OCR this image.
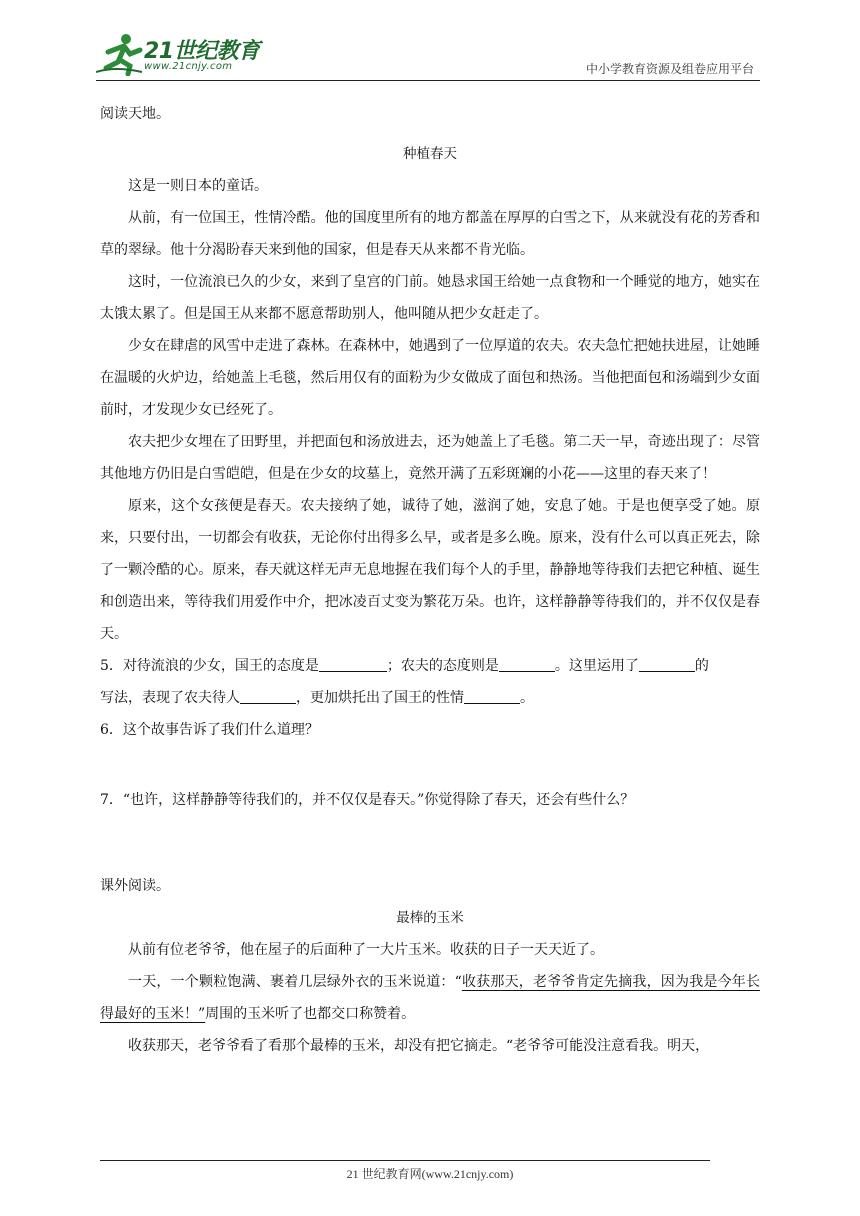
21世纪教育
www.21cnjy.com	中小学教育资源及组卷应用平台
阅读天地。
种植春天
这是一则日本的童话。
从前，有一位国王，性情冷酷。他的国度里所有的地方都盖在厚厚的白雪之下，从来就没有花的芳香和草的翠绿。他十分渴盼春天来到他的国家，但是春天从来都不肯光临。
这时，一位流浪已久的少女，来到了皇宫的门前。她恳求国王给她一点食物和一个睡觉的地方，她实在太饿太累了。但是国王从来都不愿意帮助别人，他叫随从把少女赶走了。
少女在肆虐的风雪中走进了森林。在森林中，她遇到了一位厚道的农夫。农夫急忙把她扶进屋，让她睡在温暖的火炉边，给她盖上毛毯，然后用仅有的面粉为少女做成了面包和热汤。当他把面包和汤端到少女面前时，才发现少女已经死了。
农夫把少女埋在了田野里，并把面包和汤放进去，还为她盖上了毛毯。第二天一早，奇迹出现了：尽管其他地方仍旧是白雪皑皑，但是在少女的坟墓上，竟然开满了五彩斑斓的小花——这里的春天来了！
原来，这个女孩便是春天。农夫接纳了她，诚待了她，滋润了她，安息了她。于是也便享受了她。原来，只要付出，一切都会有收获，无论你付出得多么早，或者是多么晚。原来，没有什么可以真正死去，除了一颗冷酷的心。原来，春天就这样无声无息地握在我们每个人的手里，静静地等待我们去把它种植、诞生和创造出来，等待我们用爱作中介，把冰凌百丈变为繁花万朵。也许，这样静静等待我们的，并不仅仅是春天。
5．对待流浪的少女，国王的态度是	；农夫的态度则是	。这里运用了	的
写法，表现了农夫待人	，更加烘托出了国王的性情	。
6．这个故事告诉了我们什么道理？
7．“也许，这样静静等待我们的，并不仅仅是春天。”你觉得除了春天，还会有些什么？
课外阅读。
最棒的玉米
从前有位老爷爷，他在屋子的后面种了一大片玉米。收获的日子一天天近了。
一天，一个颗粒饱满、裹着几层绿外衣的玉米说道：“收获那天，老爷爷肯定先摘我，因为我是今年长得最好的玉米！”周围的玉米听了也都交口称赞着。
收获那天，老爷爷看了看那个最棒的玉米，却没有把它摘走。“老爷爷可能没注意看我。明天，
21 世纪教育网(www.21cnjy.com)
